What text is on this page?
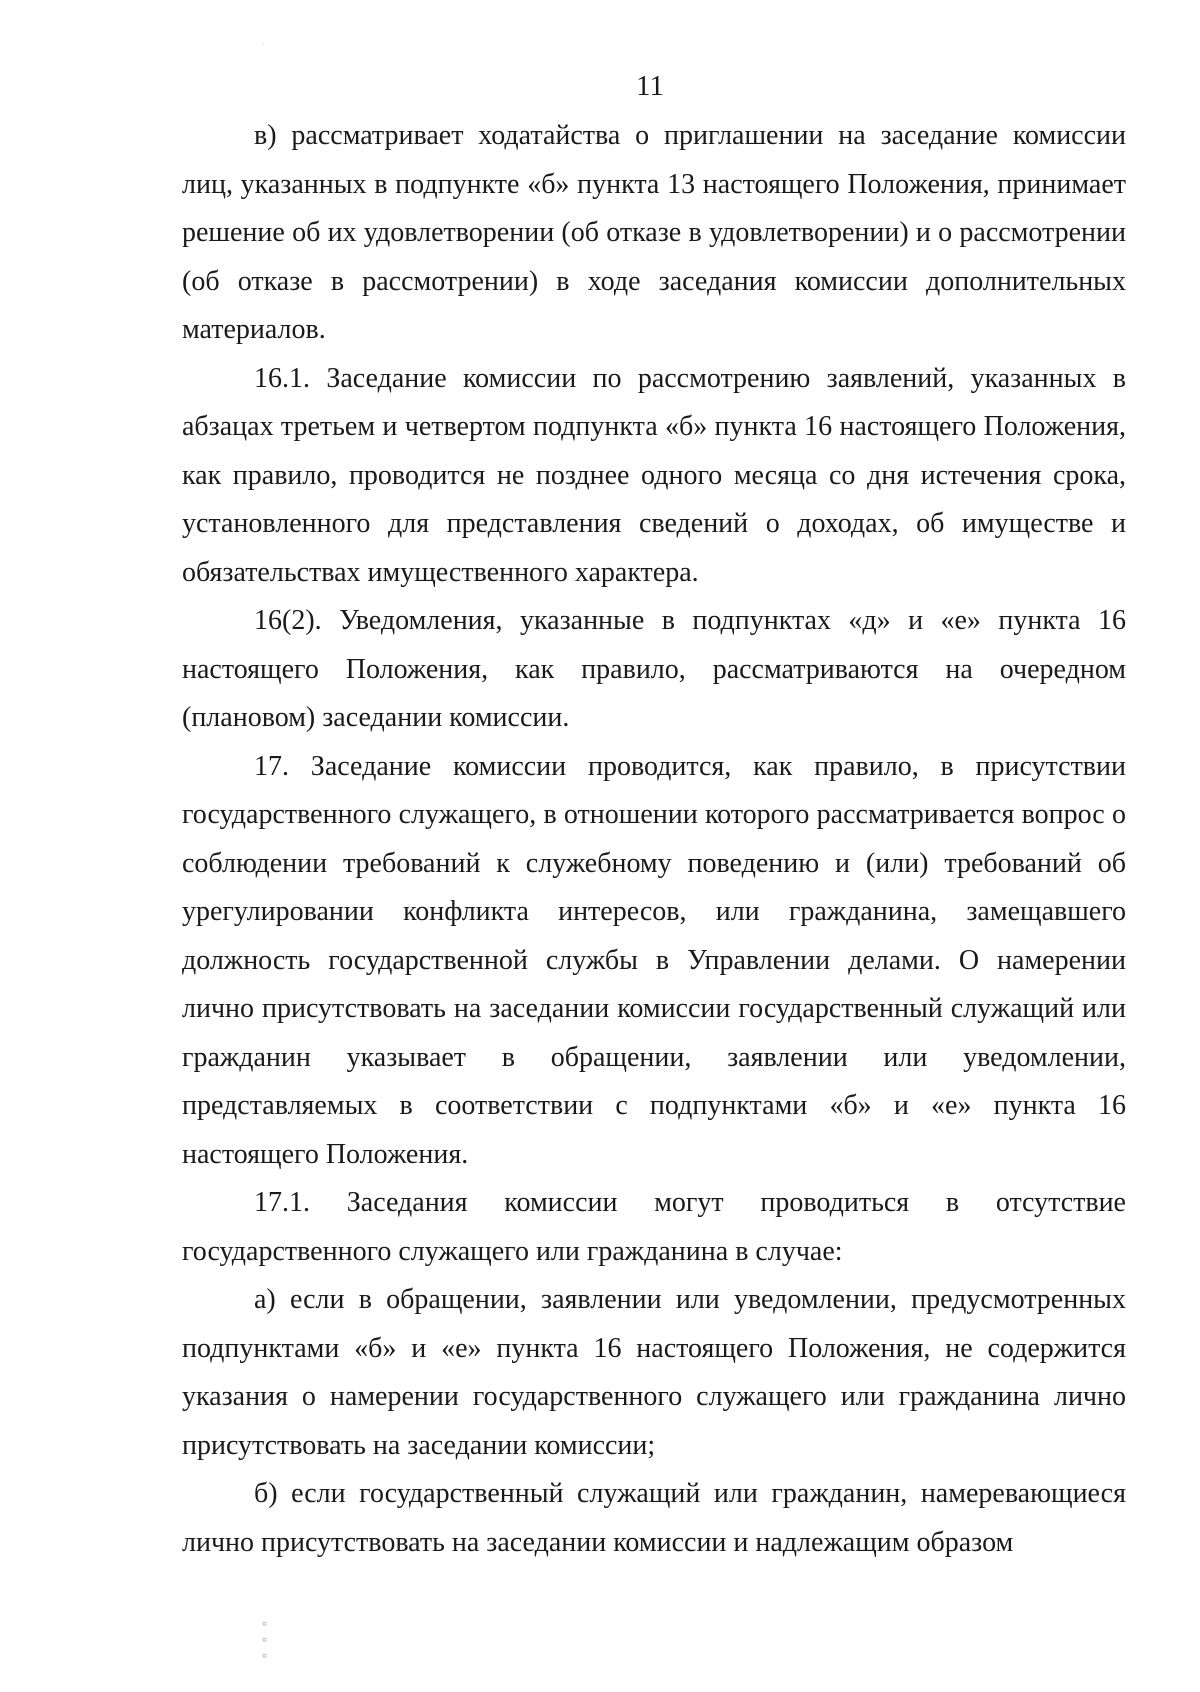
11

в) рассматривает ходатайства о приглашении на заседание комиссии лиц, указанных в подпункте «б» пункта 13 настоящего Положения, принимает решение об их удовлетворении (об отказе в удовлетворении) и о рассмотрении (об отказе в рассмотрении) в ходе заседания комиссии дополнительных материалов.

16.1. Заседание комиссии по рассмотрению заявлений, указанных в абзацах третьем и четвертом подпункта «б» пункта 16 настоящего Положения, как правило, проводится не позднее одного месяца со дня истечения срока, установленного для представления сведений о доходах, об имуществе и обязательствах имущественного характера.

16(2). Уведомления, указанные в подпунктах «д» и «е» пункта 16 настоящего Положения, как правило, рассматриваются на очередном (плановом) заседании комиссии.

17. Заседание комиссии проводится, как правило, в присутствии государственного служащего, в отношении которого рассматривается вопрос о соблюдении требований к служебному поведению и (или) требований об урегулировании конфликта интересов, или гражданина, замещавшего должность государственной службы в Управлении делами. О намерении лично присутствовать на заседании комиссии государственный служащий или гражданин указывает в обращении, заявлении или уведомлении, представляемых в соответствии с подпунктами «б» и «е» пункта 16 настоящего Положения.

17.1. Заседания комиссии могут проводиться в отсутствие государственного служащего или гражданина в случае:

а) если в обращении, заявлении или уведомлении, предусмотренных подпунктами «б» и «е» пункта 16 настоящего Положения, не содержится указания о намерении государственного служащего или гражданина лично присутствовать на заседании комиссии;

б) если государственный служащий или гражданин, намеревающиеся лично присутствовать на заседании комиссии и надлежащим образом

·
°
°
°
